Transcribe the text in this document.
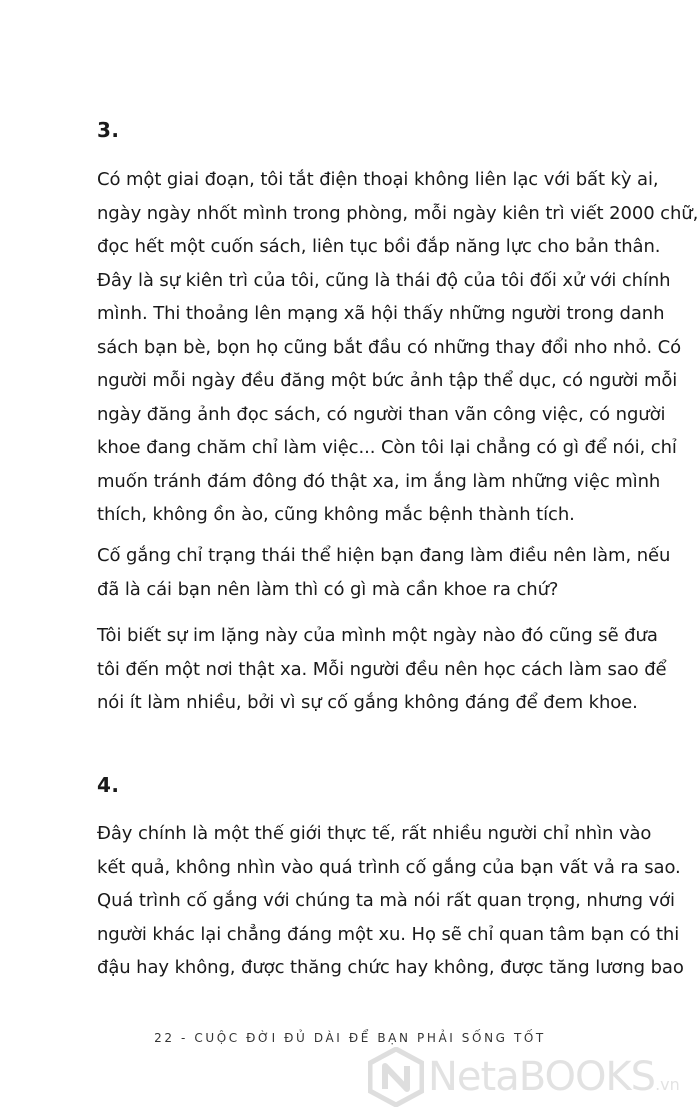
3.

Có một giai đoạn, tôi tắt điện thoại không liên lạc với bất kỳ ai,
ngày ngày nhốt mình trong phòng, mỗi ngày kiên trì viết 2000 chữ,
đọc hết một cuốn sách, liên tục bồi đắp năng lực cho bản thân.
Đây là sự kiên trì của tôi, cũng là thái độ của tôi đối xử với chính
mình. Thi thoảng lên mạng xã hội thấy những người trong danh
sách bạn bè, bọn họ cũng bắt đầu có những thay đổi nho nhỏ. Có
người mỗi ngày đều đăng một bức ảnh tập thể dục, có người mỗi
ngày đăng ảnh đọc sách, có người than vãn công việc, có người
khoe đang chăm chỉ làm việc... Còn tôi lại chẳng có gì để nói, chỉ
muốn tránh đám đông đó thật xa, im ắng làm những việc mình
thích, không ồn ào, cũng không mắc bệnh thành tích.

Cố gắng chỉ trạng thái thể hiện bạn đang làm điều nên làm, nếu
đã là cái bạn nên làm thì có gì mà cần khoe ra chứ?

Tôi biết sự im lặng này của mình một ngày nào đó cũng sẽ đưa
tôi đến một nơi thật xa. Mỗi người đều nên học cách làm sao để
nói ít làm nhiều, bởi vì sự cố gắng không đáng để đem khoe.

4.

Đây chính là một thế giới thực tế, rất nhiều người chỉ nhìn vào
kết quả, không nhìn vào quá trình cố gắng của bạn vất vả ra sao.
Quá trình cố gắng với chúng ta mà nói rất quan trọng, nhưng với
người khác lại chẳng đáng một xu. Họ sẽ chỉ quan tâm bạn có thi
đậu hay không, được thăng chức hay không, được tăng lương bao

22 - CUỘC ĐỜI ĐỦ DÀI ĐỂ BẠN PHẢI SỐNG TỐT
NetaBOOKS.vn
